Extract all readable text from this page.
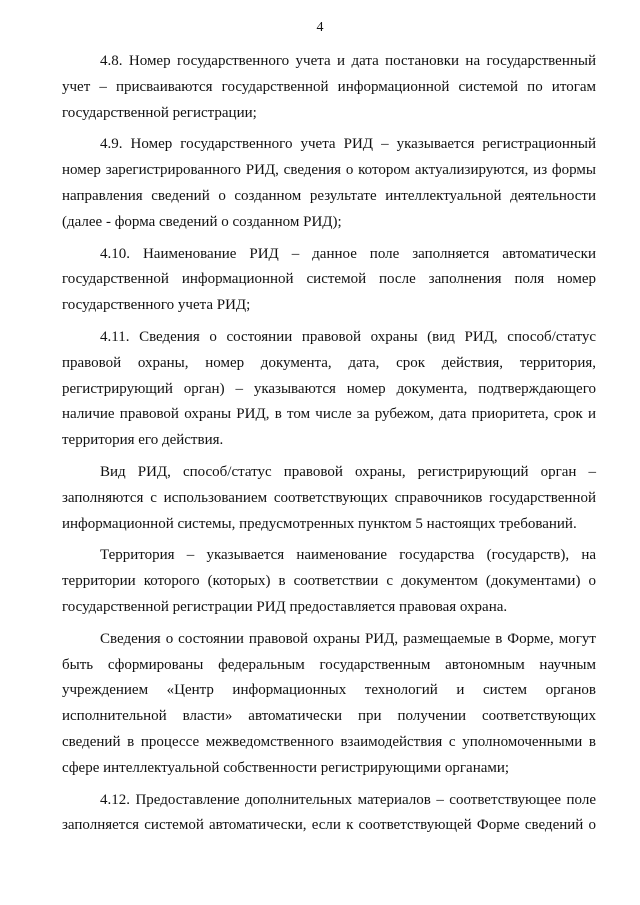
4

4.8. Номер государственного учета и дата постановки на государственный учет – присваиваются государственной информационной системой по итогам государственной регистрации;

4.9. Номер государственного учета РИД – указывается регистрационный номер зарегистрированного РИД, сведения о котором актуализируются, из формы направления сведений о созданном результате интеллектуальной деятельности (далее - форма сведений о созданном РИД);

4.10. Наименование РИД – данное поле заполняется автоматически государственной информационной системой после заполнения поля номер государственного учета РИД;

4.11. Сведения о состоянии правовой охраны (вид РИД, способ/статус правовой охраны, номер документа, дата, срок действия, территория, регистрирующий орган) – указываются номер документа, подтверждающего наличие правовой охраны РИД, в том числе за рубежом, дата приоритета, срок и территория его действия.

Вид РИД, способ/статус правовой охраны, регистрирующий орган – заполняются с использованием соответствующих справочников государственной информационной системы, предусмотренных пунктом 5 настоящих требований.

Территория – указывается наименование государства (государств), на территории которого (которых) в соответствии с документом (документами) о государственной регистрации РИД предоставляется правовая охрана.

Сведения о состоянии правовой охраны РИД, размещаемые в Форме, могут быть сформированы федеральным государственным автономным научным учреждением «Центр информационных технологий и систем органов исполнительной власти» автоматически при получении соответствующих сведений в процессе межведомственного взаимодействия с уполномоченными в сфере интеллектуальной собственности регистрирующими органами;

4.12. Предоставление дополнительных материалов – соответствующее поле заполняется системой автоматически, если к соответствующей Форме сведений о
